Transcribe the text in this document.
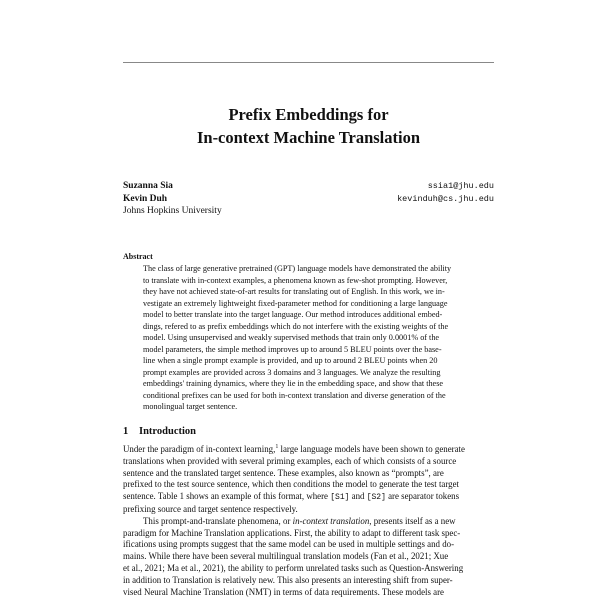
Prefix Embeddings for
In-context Machine Translation
Suzanna Sia	ssia1@jhu.edu
Kevin Duh	kevinduh@cs.jhu.edu
Johns Hopkins University
Abstract
The class of large generative pretrained (GPT) language models have demonstrated the ability
to translate with in-context examples, a phenomena known as few-shot prompting. However,
they have not achieved state-of-art results for translating out of English. In this work, we in-
vestigate an extremely lightweight fixed-parameter method for conditioning a large language
model to better translate into the target language. Our method introduces additional embed-
dings, refered to as prefix embeddings which do not interfere with the existing weights of the
model. Using unsupervised and weakly supervised methods that train only 0.0001% of the
model parameters, the simple method improves up to around 5 BLEU points over the base-
line when a single prompt example is provided, and up to around 2 BLEU points when 20
prompt examples are provided across 3 domains and 3 languages. We analyze the resulting
embeddings' training dynamics, where they lie in the embedding space, and show that these
conditional prefixes can be used for both in-context translation and diverse generation of the
monolingual target sentence.
1 Introduction
Under the paradigm of in-context learning,$^1$ large language models have been shown to generate
translations when provided with several priming examples, each of which consists of a source
sentence and the translated target sentence. These examples, also known as “prompts”, are
prefixed to the test source sentence, which then conditions the model to generate the test target
sentence. Table 1 shows an example of this format, where [S1] and [S2] are separator tokens
prefixing source and target sentence respectively.
This prompt-and-translate phenomena, or in-context translation, presents itself as a new
paradigm for Machine Translation applications. First, the ability to adapt to different task spec-
ifications using prompts suggest that the same model can be used in multiple settings and do-
mains. While there have been several multilingual translation models (Fan et al., 2021; Xue
et al., 2021; Ma et al., 2021), the ability to perform unrelated tasks such as Question-Answering
in addition to Translation is relatively new. This also presents an interesting shift from super-
vised Neural Machine Translation (NMT) in terms of data requirements. These models are
